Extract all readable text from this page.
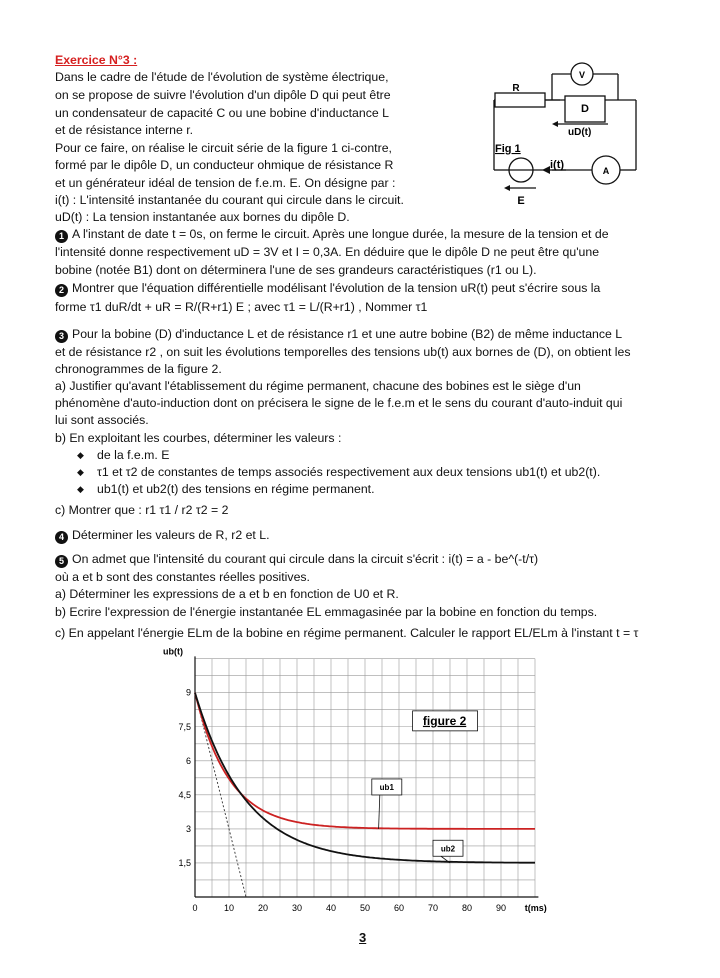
Exercice N°3 :
Dans le cadre de l'étude de l'évolution de système électrique,
on se propose de suivre l'évolution d'un dipôle D qui peut être
un condensateur de capacité C ou une bobine d'inductance L
et de résistance interne r.
Pour ce faire, on réalise le circuit série de la figure 1 ci-contre,
formé par le dipôle D, un conducteur ohmique de résistance R
et un générateur idéal de tension de f.e.m. E. On désigne par :
i(t) : L'intensité instantanée du courant qui circule dans le circuit.
uD(t) : La tension instantanée aux bornes du dipôle D.
R
D
uD(t)
V
A
Fig 1
i(t)
E
1 A l'instant de date t = 0s, on ferme le circuit. Après une longue durée, la mesure de la tension et de
l'intensité donne respectivement uD = 3V et I = 0,3A. En déduire que le dipôle D ne peut être qu'une
bobine (notée B1) dont on déterminera l'une de ses grandeurs caractéristiques (r1 ou L).
2 Montrer que l'équation différentielle modélisant l'évolution de la tension uR(t) peut s'écrire sous la
forme τ1 duR/dt + uR = R/(R+r1) E ; avec τ1 = L/(R+r1) , Nommer τ1
3 Pour la bobine (D) d'inductance L et de résistance r1 et une autre bobine (B2) de même inductance L
et de résistance r2 , on suit les évolutions temporelles des tensions ub(t) aux bornes de (D), on obtient les
chronogrammes de la figure 2.
a) Justifier qu'avant l'établissement du régime permanent, chacune des bobines est le siège d'un
phénomène d'auto-induction dont on précisera le signe de le f.e.m et le sens du courant d'auto-induit qui
lui sont associés.
b) En exploitant les courbes, déterminer les valeurs :
◆ de la f.e.m. E
◆ τ1 et τ2 de constantes de temps associés respectivement aux deux tensions ub1(t) et ub2(t).
◆ ub1(t) et ub2(t) des tensions en régime permanent.
c) Montrer que : r1 τ1 / r2 τ2 = 2
4 Déterminer les valeurs de R, r2 et L.
5 On admet que l'intensité du courant qui circule dans la circuit s'écrit : i(t) = a - be^(-t/τ)
où a et b sont des constantes réelles positives.
a) Déterminer les expressions de a et b en fonction de U0 et R.
b) Ecrire l'expression de l'énergie instantanée EL emmagasinée par la bobine en fonction du temps.
c) En appelant l'énergie ELm de la bobine en régime permanent. Calculer le rapport EL/ELm à l'instant t = τ
0	10	20	30	40	50	60	70	80	90
1,5
3
4,5
6
7,5
9
ub(t)
t(ms)
ub1
ub2
figure 2
3
